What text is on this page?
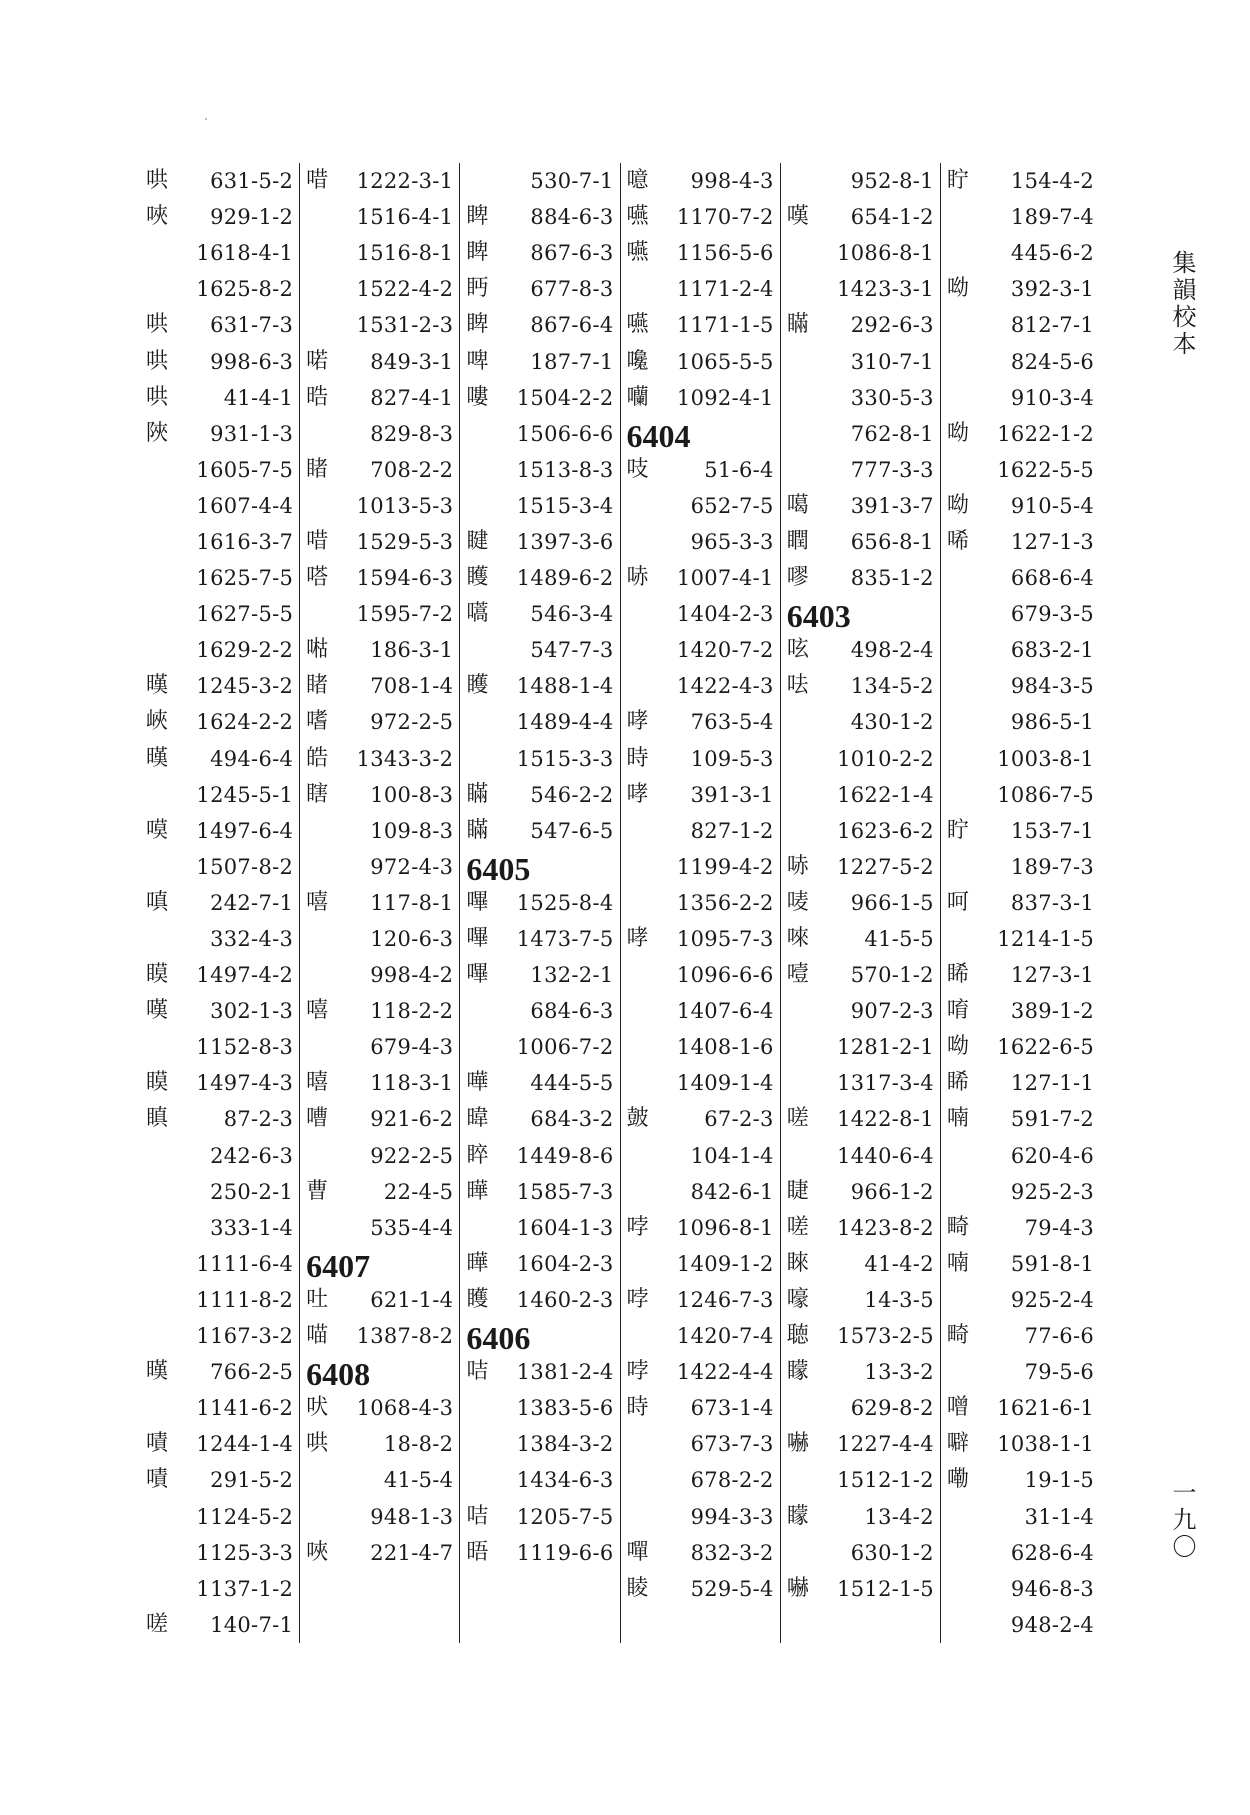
哄	631-5-2
唊	929-1-2
1618-4-1
1625-8-2
哄	631-7-3
哄	998-6-3
哄	41-4-1
陜	931-1-3
1605-7-5
1607-4-4
1616-3-7
1625-7-5
1627-5-5
1629-2-2
暵	1245-3-2
峽	1624-2-2
暵	494-6-4
1245-5-1
嗼	1497-6-4
1507-8-2
嗔	242-7-1
332-4-3
瞙	1497-4-2
嘆	302-1-3
1152-8-3
瞙	1497-4-3
瞋	87-2-3
242-6-3
250-2-1
333-1-4
1111-6-4
1111-8-2
1167-3-2
暵	766-2-5
1141-6-2
嘖	1244-1-4
嘖	291-5-2
1124-5-2
1125-3-3
1137-1-2
嗟	140-7-1
唶	1222-3-1
1516-4-1
1516-8-1
1522-4-2
1531-2-3
喏	849-3-1
晧	827-4-1
829-8-3
睹	708-2-2
1013-5-3
唶	1529-5-3
嗒	1594-6-3
1595-7-2
喖	186-3-1
睹	708-1-4
嗜	972-2-5
皓	1343-3-2
瞎	100-8-3
109-8-3
972-4-3
嘻	117-8-1
120-6-3
998-4-2
嘻	118-2-2
679-4-3
暿	118-3-1
嘈	921-6-2
922-2-5
曹	22-4-5
535-4-4
6407
吐	621-1-4
喵	1387-8-2
6408
吠	1068-4-3
哄	18-8-2
41-5-4
948-1-3
唊	221-4-7
530-7-1
睥	884-6-3
睥	867-6-3
眄	677-8-3
睥	867-6-4
啤	187-7-1
嘍	1504-2-2
1506-6-6
1513-8-3
1515-3-4
睷	1397-3-6
矆	1489-6-2
嚆	546-3-4
547-7-3
矆	1488-1-4
1489-4-4
1515-3-3
瞞	546-2-2
瞞	547-6-5
6405
嗶	1525-8-4
嗶	1473-7-5
嗶	132-2-1
684-6-3
1006-7-2
嘩	444-5-5
暐	684-3-2
睟	1449-8-6
曄	1585-7-3
1604-1-3
曄	1604-2-3
矆	1460-2-3
6406
咭	1381-2-4
1383-5-6
1384-3-2
1434-6-3
咭	1205-7-5
晤	1119-6-6
噫	998-4-3
嚥	1170-7-2
嚥	1156-5-6
1171-2-4
嚥	1171-1-5
嚵	1065-5-5
囒	1092-4-1
6404
吱	51-6-4
652-7-5
965-3-3
哧	1007-4-1
1404-2-3
1420-7-2
1422-4-3
哮	763-5-4
時	109-5-3
哮	391-3-1
827-1-2
1199-4-2
1356-2-2
哮	1095-7-3
1096-6-6
1407-6-4
1408-1-6
1409-1-4
皷	67-2-3
104-1-4
842-6-1
哱	1096-8-1
1409-1-2
哱	1246-7-3
1420-7-4
哱	1422-4-4
時	673-1-4
673-7-3
678-2-2
994-3-3
嘽	832-3-2
睖	529-5-4
952-8-1
嘆	654-1-2
1086-8-1
1423-3-1
瞞	292-6-3
310-7-1
330-5-3
762-8-1
777-3-3
噶	391-3-7
瞤	656-8-1
嘐	835-1-2
6403
呟	498-2-4
呿	134-5-2
430-1-2
1010-2-2
1622-1-4
1623-6-2
哧	1227-5-2
唛	966-1-5
唻	41-5-5
噎	570-1-2
907-2-3
1281-2-1
1317-3-4
嗟	1422-8-1
1440-6-4
睫	966-1-2
嗟	1423-8-2
睞	41-4-2
嚎	14-3-5
聴	1573-2-5
矇	13-3-2
629-8-2
嚇	1227-4-4
1512-1-2
矇	13-4-2
630-1-2
嚇	1512-1-5
眝	154-4-2
189-7-4
445-6-2
呦	392-3-1
812-7-1
824-5-6
910-3-4
呦	1622-1-2
1622-5-5
呦	910-5-4
唏	127-1-3
668-6-4
679-3-5
683-2-1
984-3-5
986-5-1
1003-8-1
1086-7-5
眝	153-7-1
189-7-3
呵	837-3-1
1214-1-5
睎	127-3-1
唷	389-1-2
呦	1622-6-5
睎	127-1-1
喃	591-7-2
620-4-6
925-2-3
畸	79-4-3
喃	591-8-1
925-2-4
畸	77-6-6
79-5-6
噌	1621-6-1
噼	1038-1-1
嘞	19-1-5
31-1-4
628-6-4
946-8-3
948-2-4
集韻校本
一九〇
